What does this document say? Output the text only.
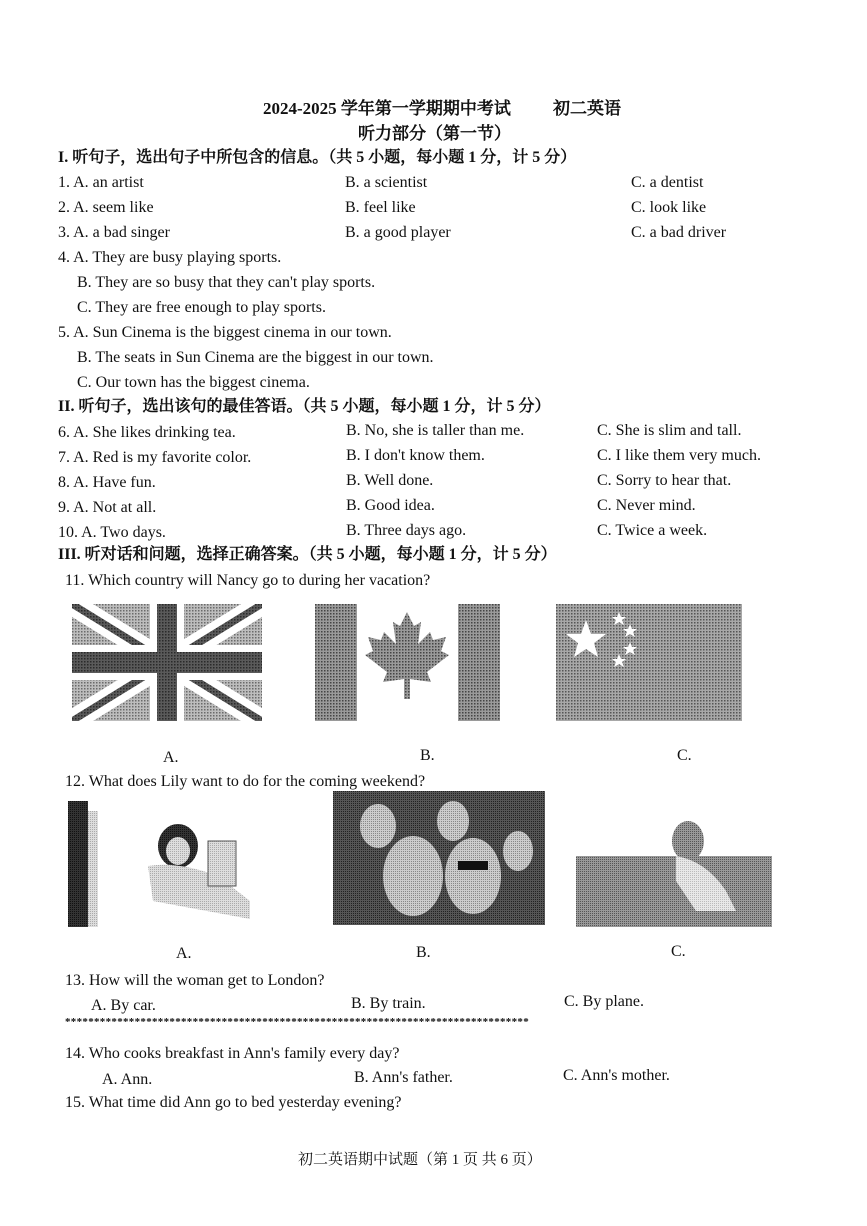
2024-2025 学年第一学期期中考试 初二英语
听力部分（第一节）
I. 听句子，选出句子中所包含的信息。（共 5 小题，每小题 1 分，计 5 分）
1. A. an artist	B. a scientist	C. a dentist
2. A. seem like	B. feel like	C. look like
3. A. a bad singer	B. a good player	C. a bad driver
4. A. They are busy playing sports.
B. They are so busy that they can't play sports.
C. They are free enough to play sports.
5. A. Sun Cinema is the biggest cinema in our town.
B. The seats in Sun Cinema are the biggest in our town.
C. Our town has the biggest cinema.
II. 听句子，选出该句的最佳答语。（共 5 小题，每小题 1 分，计 5 分）
6. A. She likes drinking tea.	B. No, she is taller than me.	C. She is slim and tall.
7. A. Red is my favorite color.	B. I don't know them.	C. I like them very much.
8. A. Have fun.	B. Well done.	C. Sorry to hear that.
9. A. Not at all.	B. Good idea.	C. Never mind.
10. A. Two days.	B. Three days ago.	C. Twice a week.
III. 听对话和问题，选择正确答案。（共 5 小题，每小题 1 分，计 5 分）
11. Which country will Nancy go to during her vacation?
A.	B.	C.
12. What does Lily want to do for the coming weekend?
A.	B.	C.
13. How will the woman get to London?
A. By car.	B. By train.	C. By plane.
********************************************************************************
14. Who cooks breakfast in Ann's family every day?
A. Ann.	B. Ann's father.	C. Ann's mother.
15. What time did Ann go to bed yesterday evening?
初二英语期中试题（第 1 页 共 6 页）
